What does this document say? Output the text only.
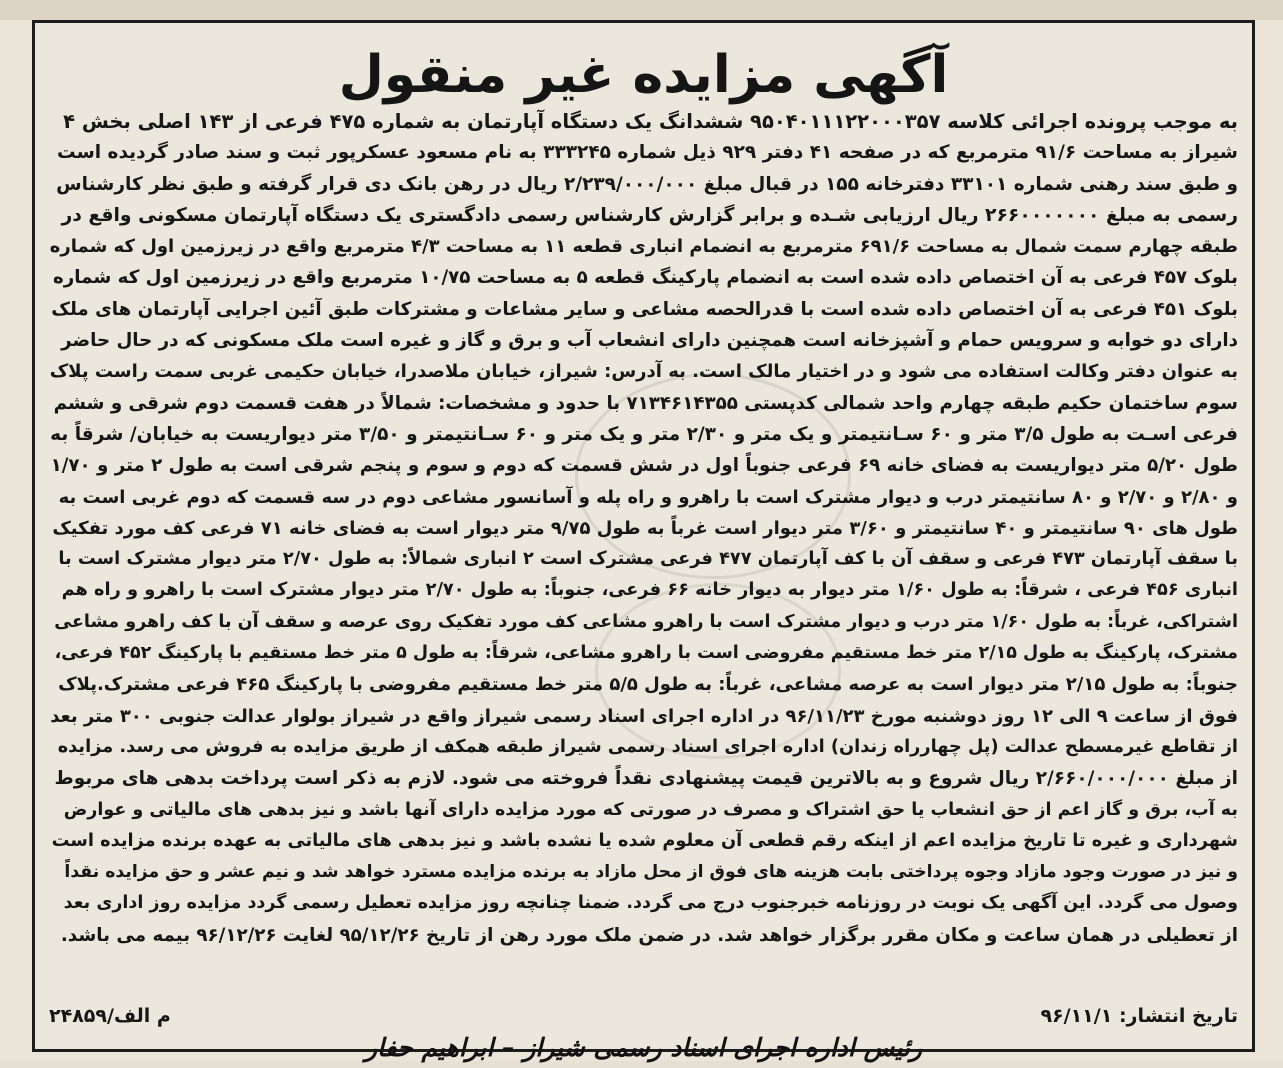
آگهی مزایده غیر منقول
به موجب پرونده اجرائی کلاسه ۹۵۰۴۰۱۱۱۲۲۰۰۰۳۵۷ ششدانگ یک دستگاه آپارتمان به شماره ۴۷۵ فرعی از ۱۴۳ اصلی بخش ۴
شیراز به مساحت ۹۱/۶ مترمربع که در صفحه ۴۱ دفتر ۹۲۹ ذیل شماره ۳۳۳۲۴۵ به نام مسعود عسکرپور ثبت و سند صادر گردیده است
و طبق سند رهنی شماره ۳۳۱۰۱ دفترخانه ۱۵۵ در قبال مبلغ ۲/۲۳۹/۰۰۰/۰۰۰ ریال در رهن بانک دی قرار گرفته و طبق نظر کارشناس
رسمی به مبلغ ۲۶۶۰۰۰۰۰۰۰ ریال ارزیابی شـده و برابر گزارش کارشناس رسمی دادگستری یک دستگاه آپارتمان مسکونی واقع در
طبقه چهارم سمت شمال به مساحت ۶۹۱/۶ مترمربع به انضمام انباری قطعه ۱۱ به مساحت ۴/۳ مترمربع واقع در زیرزمین اول که شماره
بلوک ۴۵۷ فرعی به آن اختصاص داده شده است به انضمام پارکینگ قطعه ۵ به مساحت ۱۰/۷۵ مترمربع واقع در زیرزمین اول که شماره
بلوک ۴۵۱ فرعی به آن اختصاص داده شده است با قدرالحصه مشاعی و سایر مشاعات و مشترکات طبق آئین اجرایی آپارتمان های ملک
دارای دو خوابه و سرویس حمام و آشپزخانه است همچنین دارای انشعاب آب و برق و گاز و غیره است ملک مسکونی که در حال حاضر
به عنوان دفتر وکالت استفاده می شود و در اختیار مالک است. به آدرس: شیراز، خیابان ملاصدرا، خیابان حکیمی غربی سمت راست پلاک
سوم ساختمان حکیم طبقه چهارم واحد شمالی کدپستی ۷۱۳۴۶۱۴۳۵۵ با حدود و مشخصات: شمالاً در هفت قسمت دوم شرقی و ششم
فرعی اسـت به طول ۳/۵ متر و ۶۰ سـانتیمتر و یک متر و ۲/۳۰ متر و یک متر و ۶۰ سـانتیمتر و ۳/۵۰ متر دیواریست به خیابان/ شرقاً به
طول ۵/۲۰ متر دیواریست به فضای خانه ۶۹ فرعی جنوباً اول در شش قسمت که دوم و سوم و پنجم شرقی است به طول ۲ متر و ۱/۷۰
و ۲/۸۰ و ۲/۷۰ و ۸۰ سانتیمتر درب و دیوار مشترک است با راهرو و راه پله و آسانسور مشاعی دوم در سه قسمت که دوم غربی است به
طول های ۹۰ سانتیمتر و ۴۰ سانتیمتر و ۳/۶۰ متر دیوار است غرباً به طول ۹/۷۵ متر دیوار است به فضای خانه ۷۱ فرعی کف مورد تفکیک
با سقف آپارتمان ۴۷۳ فرعی و سقف آن با کف آپارتمان ۴۷۷ فرعی مشترک است ۲ انباری شمالاً: به طول ۲/۷۰ متر دیوار مشترک است با
انباری ۴۵۶ فرعی ، شرقاً: به طول ۱/۶۰ متر دیوار به دیوار خانه ۶۶ فرعی، جنوباً: به طول ۲/۷۰ متر دیوار مشترک است با راهرو و راه هم
اشتراکی، غرباً: به طول ۱/۶۰ متر درب و دیوار مشترک است با راهرو مشاعی کف مورد تفکیک روی عرصه و سقف آن با کف راهرو مشاعی
مشترک، پارکینگ به طول ۲/۱۵ متر خط مستقیم مفروضی است با راهرو مشاعی، شرقاً: به طول ۵ متر خط مستقیم با پارکینگ ۴۵۲ فرعی،
جنوباً: به طول ۲/۱۵ متر دیوار است به عرصه مشاعی، غرباً: به طول ۵/۵ متر خط مستقیم مفروضی با پارکینگ ۴۶۵ فرعی مشترک.پلاک
فوق از ساعت ۹ الی ۱۲ روز دوشنبه مورخ ۹۶/۱۱/۲۳ در اداره اجرای اسناد رسمی شیراز واقع در شیراز بولوار عدالت جنوبی ۳۰۰ متر بعد
از تقاطع غیرمسطح عدالت (پل چهارراه زندان) اداره اجرای اسناد رسمی شیراز طبقه همکف از طریق مزایده به فروش می رسد. مزایده
از مبلغ ۲/۶۶۰/۰۰۰/۰۰۰ ریال شروع و به بالاترین قیمت پیشنهادی نقداً فروخته می شود. لازم به ذکر است پرداخت بدهی های مربوط
به آب، برق و گاز اعم از حق انشعاب یا حق اشتراک و مصرف در صورتی که مورد مزایده دارای آنها باشد و نیز بدهی های مالیاتی و عوارض
شهرداری و غیره تا تاریخ مزایده اعم از اینکه رقم قطعی آن معلوم شده یا نشده باشد و نیز بدهی های مالیاتی به عهده برنده مزایده است
و نیز در صورت وجود مازاد وجوه پرداختی بابت هزینه های فوق از محل مازاد به برنده مزایده مسترد خواهد شد و نیم عشر و حق مزایده نقداً
وصول می گردد. این آگهی یک نوبت در روزنامه خبرجنوب درج می گردد. ضمنا چنانچه روز مزایده تعطیل رسمی گردد مزایده روز اداری بعد
از تعطیلی در همان ساعت و مکان مقرر برگزار خواهد شد. در ضمن ملک مورد رهن از تاریخ ۹۵/۱۲/۲۶ لغایت ۹۶/۱۲/۲۶ بیمه می باشد.
تاریخ انتشار: ۹۶/۱۱/۱
۲۴۸۵۹/م الف
رئیس اداره اجرای اسناد رسمی شیراز – ابراهیم حفار
